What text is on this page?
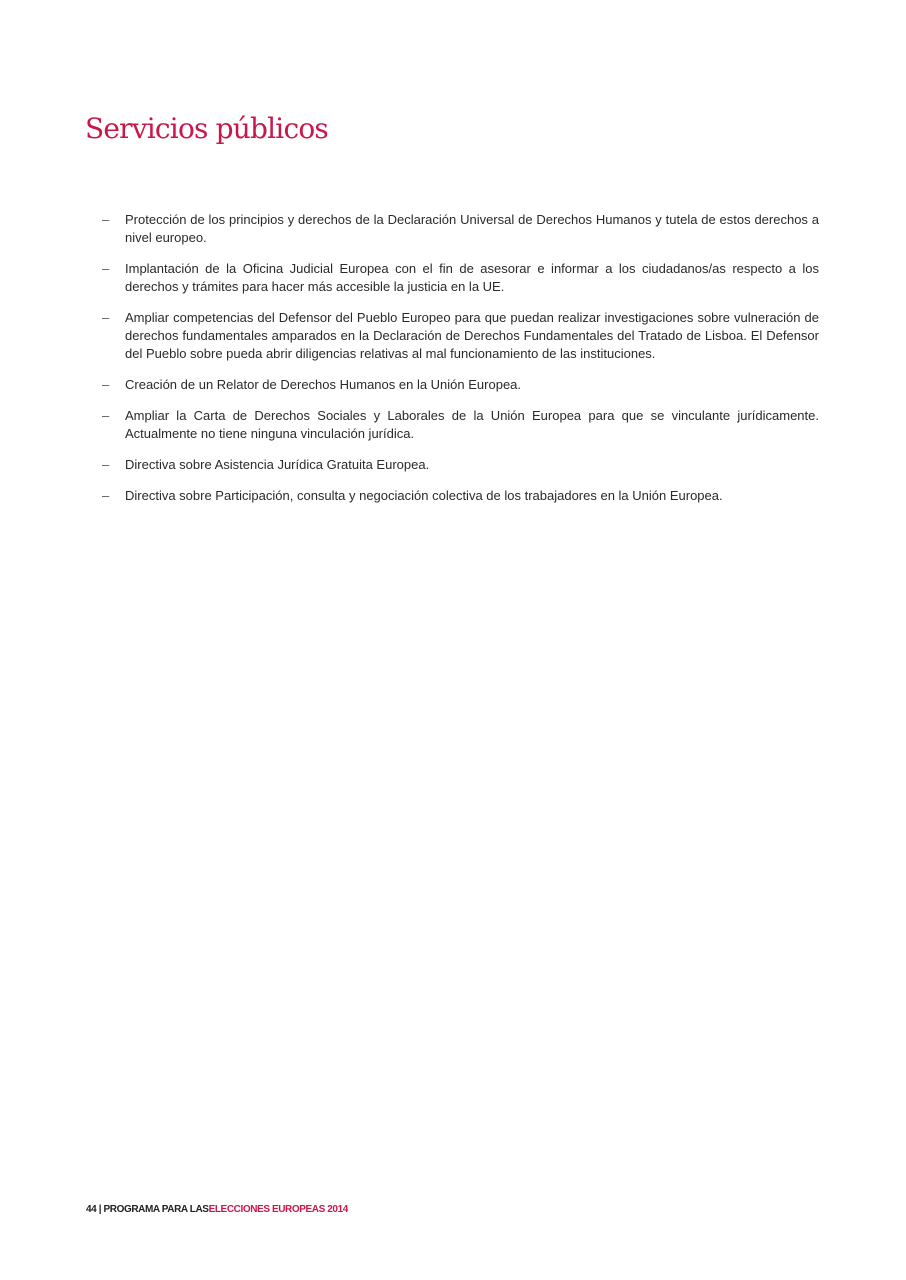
Servicios públicos
– Protección de los principios y derechos de la Declaración Universal de Derechos Humanos y tutela de estos derechos a nivel europeo.
– Implantación de la Oficina Judicial Europea con el fin de asesorar e informar a los ciudadanos/as respecto a los derechos y trámites para hacer más accesible la justicia en la UE.
– Ampliar competencias del Defensor del Pueblo Europeo para que puedan realizar investigaciones sobre vulneración de derechos fundamentales amparados en la Declaración de Derechos Fundamentales del Tratado de Lisboa. El Defensor del Pueblo sobre pueda abrir diligencias relativas al mal funcionamiento de las instituciones.
– Creación de un Relator de Derechos Humanos en la Unión Europea.
– Ampliar la Carta de Derechos Sociales y Laborales de la Unión Europea para que se vinculante jurídicamente. Actualmente no tiene ninguna vinculación jurídica.
– Directiva sobre Asistencia Jurídica Gratuita Europea.
– Directiva sobre Participación, consulta y negociación colectiva de los trabajadores en la Unión Europea.
44 | PROGRAMA PARA LASELECCIONES EUROPEAS 2014
